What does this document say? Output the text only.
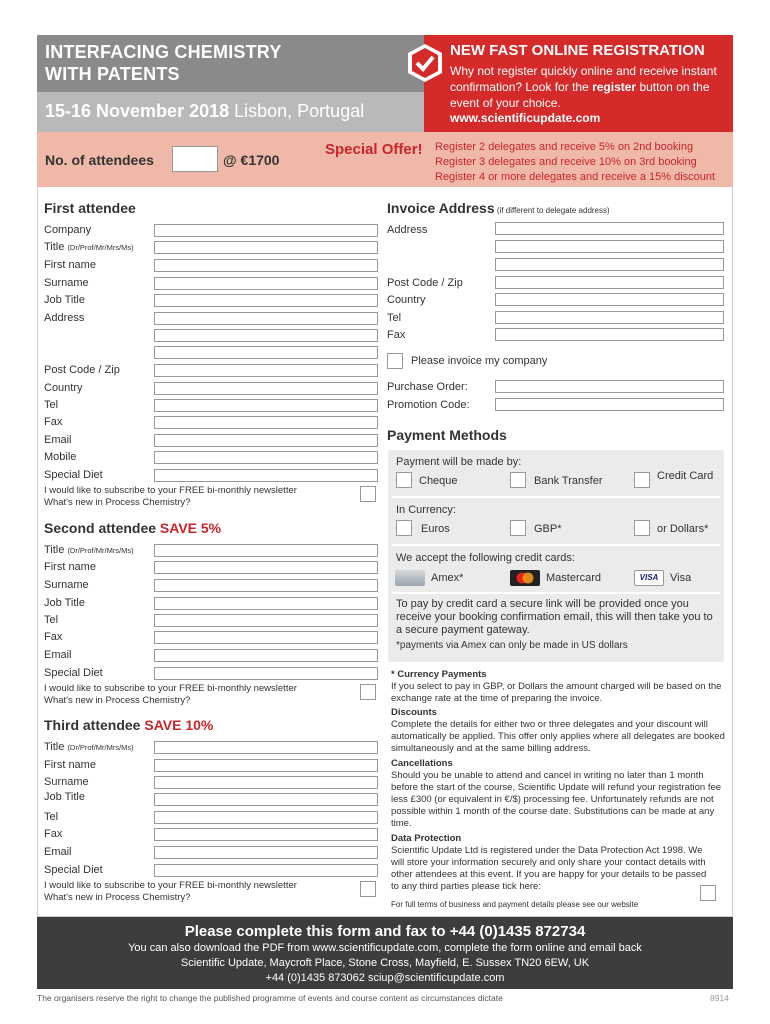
INTERFACING CHEMISTRY
WITH PATENTS
15-16 November 2018 Lisbon, Portugal
NEW FAST ONLINE REGISTRATION
Why not register quickly online and receive instant confirmation? Look for the register button on the event of your choice.
www.scientificupdate.com
No. of attendees	@ €1700
Special Offer! Register 2 delegates and receive 5% on 2nd booking
Register 3 delegates and receive 10% on 3rd booking
Register 4 or more delegates and receive a 15% discount
First attendee
Company
Title (Dr/Prof/Mr/Mrs/Ms)
First name
Surname
Job Title
Address
Post Code / Zip
Country
Tel
Fax
Email
Mobile
Special Diet
I would like to subscribe to your FREE bi-monthly newsletter
What's new in Process Chemistry?
Second attendee SAVE 5%
Title (Dr/Prof/Mr/Mrs/Ms)
First name
Surname
Job Title
Tel
Fax
Email
Special Diet
I would like to subscribe to your FREE bi-monthly newsletter
What's new in Process Chemistry?
Third attendee SAVE 10%
Title (Dr/Prof/Mr/Mrs/Ms)
First name
Surname
Job Title
Tel
Fax
Email
Special Diet
I would like to subscribe to your FREE bi-monthly newsletter
What's new in Process Chemistry?
Invoice Address (if different to delegate address)
Address
Post Code / Zip
Country
Tel
Fax
Please invoice my company
Purchase Order:
Promotion Code:
Payment Methods
Payment will be made by:
Cheque	Bank Transfer	Credit Card
In Currency:
Euros	GBP*	or Dollars*
We accept the following credit cards:
Amex*	Mastercard	VISA	Visa
To pay by credit card a secure link will be provided once you receive your booking confirmation email, this will then take you to a secure payment gateway.
*payments via Amex can only be made in US dollars
* Currency Payments
If you select to pay in GBP, or Dollars the amount charged will be based on the exchange rate at the time of preparing the invoice.
Discounts
Complete the details for either two or three delegates and your discount will automatically be applied. This offer only applies where all delegates are booked simultaneously and at the same billing address.
Cancellations
Should you be unable to attend and cancel in writing no later than 1 month before the start of the course, Scientific Update will refund your registration fee less £300 (or equivalent in €/$) processing fee. Unfortunately refunds are not possible within 1 month of the course date. Substitutions can be made at any time.
Data Protection
Scientific Update Ltd is registered under the Data Protection Act 1998. We will store your information securely and only share your contact details with other attendees at this event. If you are happy for your details to be passed to any third parties please tick here:
For full terms of business and payment details please see our website
Please complete this form and fax to +44 (0)1435 872734
You can also download the PDF from www.scientificupdate.com, complete the form online and email back
Scientific Update, Maycroft Place, Stone Cross, Mayfield, E. Sussex TN20 6EW, UK
+44 (0)1435 873062 sciup@scientificupdate.com
The organisers reserve the right to change the published programme of events and course content as circumstances dictate	8914
